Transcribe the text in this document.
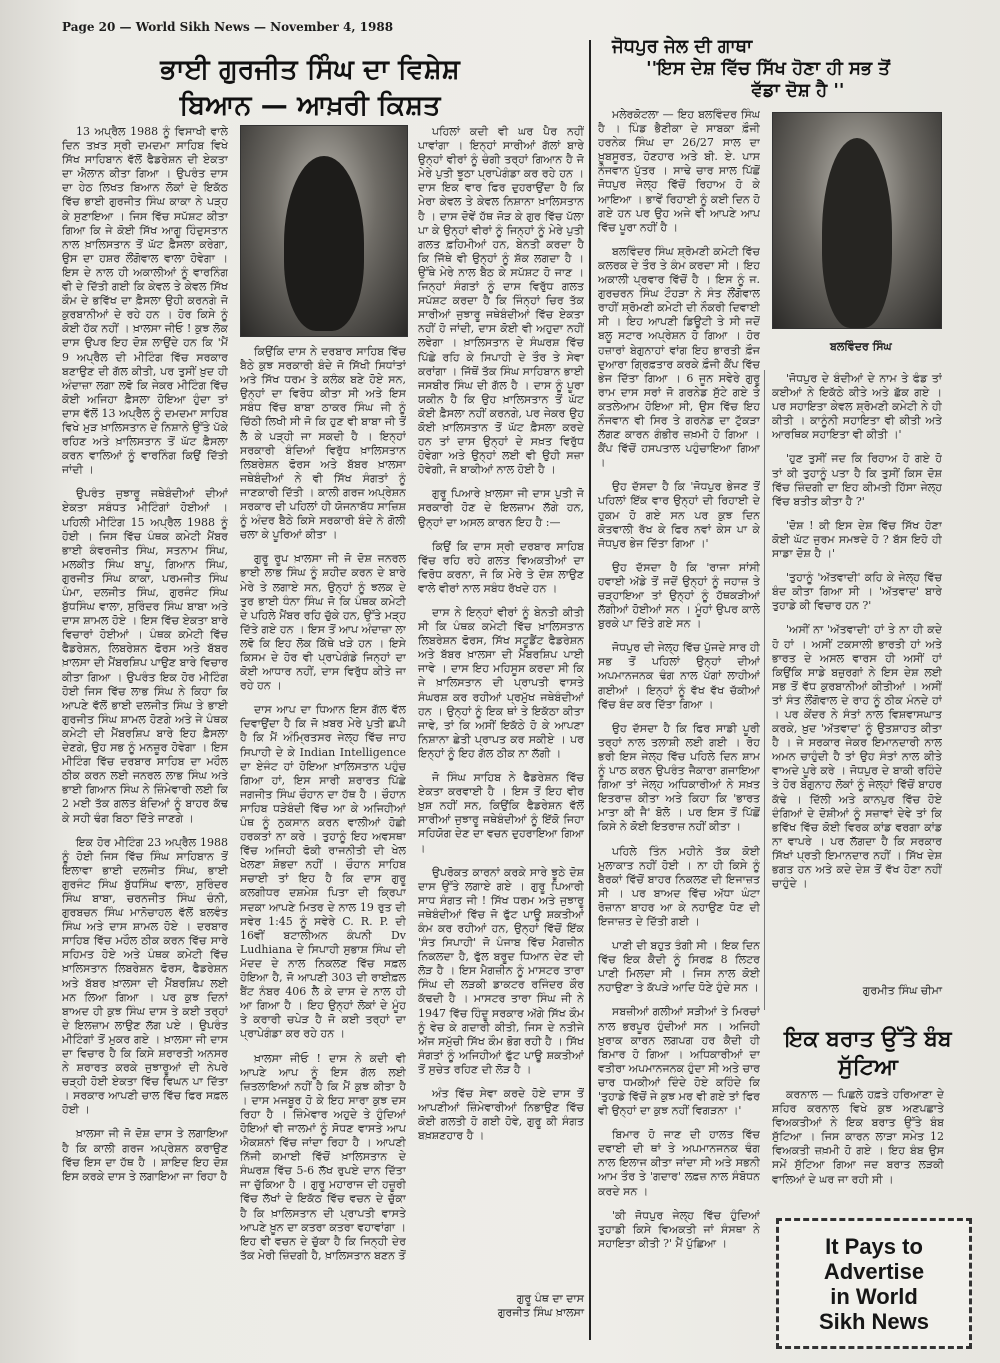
Page 20 — World Sikh News — November 4, 1988
ਭਾਈ ਗੁਰਜੀਤ ਸਿੰਘ ਦਾ ਵਿਸ਼ੇਸ਼
ਬਿਆਨ — ਆਖ਼ਰੀ ਕਿਸ਼ਤ
ਜੋਧਪੁਰ ਜੇਲ ਦੀ ਗਾਥਾ
''ਇਸ ਦੇਸ਼ ਵਿੱਚ ਸਿੱਖ ਹੋਣਾ ਹੀ ਸਭ ਤੋਂ
ਵੱਡਾ ਦੋਸ਼ ਹੈ ''

13 ਅਪ੍ਰੈਲ 1988 ਨੂੰ ਵਿਸਾਖੀ ਵਾਲੇ ਦਿਨ ਤਖ਼ਤ ਸ੍ਰੀ ਦਮਦਮਾ ਸਾਹਿਬ ਵਿਖੇ ਸਿੱਖ ਸਾਹਿਬਾਨ ਵੱਲੋਂ ਫੈਡਰੇਸ਼ਨ ਦੀ ਏਕਤਾ ਦਾ ਐਲਾਨ ਕੀਤਾ ਗਿਆ । ਉਪਰੰਤ ਦਾਸ ਦਾ ਹੇਠ ਲਿਖਤ ਬਿਆਨ ਲੋਕਾਂ ਦੇ ਇਕੱਠ ਵਿੱਚ ਭਾਈ ਗੁਰਜੀਤ ਸਿੰਘ ਕਾਕਾ ਨੇ ਪੜ੍ਹ ਕੇ ਸੁਣਾਇਆ । ਜਿਸ ਵਿੱਚ ਸਪੱਸ਼ਟ ਕੀਤਾ ਗਿਆ ਕਿ ਜੇ ਕੋਈ ਸਿੱਖ ਆਗੂ ਹਿੰਦੁਸਤਾਨ ਨਾਲ ਖ਼ਾਲਿਸਤਾਨ ਤੋਂ ਘੱਟ ਫ਼ੈਸਲਾ ਕਰੇਗਾ, ਉਸ ਦਾ ਹਸ਼ਰ ਲੌਂਗੋਵਾਲ ਵਾਲਾ ਹੋਵੇਗਾ । ਇਸ ਦੇ ਨਾਲ ਹੀ ਅਕਾਲੀਆਂ ਨੂੰ ਵਾਰਨਿੰਗ ਵੀ ਦੇ ਦਿੱਤੀ ਗਈ ਕਿ ਕੇਵਲ ਤੇ ਕੇਵਲ ਸਿੱਖ ਕੌਮ ਦੇ ਭਵਿੱਖ ਦਾ ਫ਼ੈਸਲਾ ਉਹੀ ਕਰਨਗੇ ਜੋ ਕੁਰਬਾਨੀਆਂ ਦੇ ਰਹੇ ਹਨ । ਹੋਰ ਕਿਸੇ ਨੂੰ ਕੋਈ ਹੱਕ ਨਹੀਂ । ਖ਼ਾਲਸਾ ਜੀਓ ! ਕੁਝ ਲੋਕ ਦਾਸ ਉਪਰ ਇਹ ਦੋਸ਼ ਲਾਉਂਦੇ ਹਨ ਕਿ 'ਮੈਂ 9 ਅਪ੍ਰੈਲ ਦੀ ਮੀਟਿੰਗ ਵਿੱਚ ਸਰਕਾਰ ਬਣਾਉਣ ਦੀ ਗੱਲ ਕੀਤੀ, ਪਰ ਤੁਸੀਂ ਖ਼ੁਦ ਹੀ ਅੰਦਾਜ਼ਾ ਲਗਾ ਲਵੋ ਕਿ ਜੇਕਰ ਮੀਟਿੰਗ ਵਿੱਚ ਕੋਈ ਅਜਿਹਾ ਫ਼ੈਸਲਾ ਹੋਇਆ ਹੁੰਦਾ ਤਾਂ ਦਾਸ ਵੱਲੋਂ 13 ਅਪ੍ਰੈਲ ਨੂੰ ਦਮਦਮਾ ਸਾਹਿਬ ਵਿਖੇ ਮੁੜ ਖ਼ਾਲਿਸਤਾਨ ਦੇ ਨਿਸ਼ਾਨੇ ਉੱਤੇ ਪੱਕੇ ਰਹਿਣ ਅਤੇ ਖ਼ਾਲਿਸਤਾਨ ਤੋਂ ਘੱਟ ਫ਼ੈਸਲਾ ਕਰਨ ਵਾਲਿਆਂ ਨੂੰ ਵਾਰਨਿੰਗ ਕਿਉਂ ਦਿੱਤੀ ਜਾਂਦੀ ।

ਉਪਰੰਤ ਜੁਝਾਰੂ ਜਥੇਬੰਦੀਆਂ ਦੀਆਂ ਏਕਤਾ ਸਬੰਧਤ ਮੀਟਿੰਗਾਂ ਹੋਈਆਂ । ਪਹਿਲੀ ਮੀਟਿੰਗ 15 ਅਪ੍ਰੈਲ 1988 ਨੂੰ ਹੋਈ । ਜਿਸ ਵਿੱਚ ਪੰਥਕ ਕਮੇਟੀ ਮੈਂਬਰ ਭਾਈ ਕੰਵਰਜੀਤ ਸਿੰਘ, ਸਤਨਾਮ ਸਿੰਘ, ਮਲਕੀਤ ਸਿੰਘ ਬਾਪੂ, ਗਿਆਨ ਸਿੰਘ, ਗੁਰਜੀਤ ਸਿੰਘ ਕਾਕਾ, ਪਰਮਜੀਤ ਸਿੰਘ ਪੰਮਾ, ਦਲਜੀਤ ਸਿੰਘ, ਗੁਰਜੰਟ ਸਿੰਘ ਬੁੱਧਸਿੰਘ ਵਾਲਾ, ਸੁਰਿੰਦਰ ਸਿੰਘ ਬਾਬਾ ਅਤੇ ਦਾਸ ਸ਼ਾਮਲ ਹੋਏ । ਇਸ ਵਿੱਚ ਏਕਤਾ ਬਾਰੇ ਵਿਚਾਰਾਂ ਹੋਈਆਂ । ਪੰਥਕ ਕਮੇਟੀ ਵਿੱਚ ਫੈਡਰੇਸ਼ਨ, ਲਿਬਰੇਸ਼ਨ ਫੋਰਸ ਅਤੇ ਬੱਬਰ ਖ਼ਾਲਸਾ ਦੀ ਮੈਂਬਰਸ਼ਿਪ ਪਾਉਣ ਬਾਰੇ ਵਿਚਾਰ ਕੀਤਾ ਗਿਆ । ਉਪਰੰਤ ਇਕ ਹੋਰ ਮੀਟਿੰਗ ਹੋਈ ਜਿਸ ਵਿੱਚ ਲਾਭ ਸਿੰਘ ਨੇ ਕਿਹਾ ਕਿ ਆਪਣੇ ਵੱਲੋਂ ਭਾਈ ਦਲਜੀਤ ਸਿੰਘ ਤੇ ਭਾਈ ਗੁਰਜੀਤ ਸਿੰਘ ਸ਼ਾਮਲ ਹੋਣਗੇ ਅਤੇ ਜੇ ਪੰਥਕ ਕਮੇਟੀ ਦੀ ਮੈਂਬਰਸ਼ਿਪ ਬਾਰੇ ਇਹ ਫ਼ੈਸਲਾ ਦੇਣਗੇ, ਉਹ ਸਭ ਨੂੰ ਮਨਜ਼ੂਰ ਹੋਵੇਗਾ । ਇਸ ਮੀਟਿੰਗ ਵਿੱਚ ਦਰਬਾਰ ਸਾਹਿਬ ਦਾ ਮਹੌਲ ਠੀਕ ਕਰਨ ਲਈ ਜਨਰਲ ਲਾਭ ਸਿੰਘ ਅਤੇ ਭਾਈ ਗਿਆਨ ਸਿੰਘ ਨੇ ਜ਼ਿੰਮੇਵਾਰੀ ਲਈ ਕਿ 2 ਮਈ ਤੱਕ ਗਲਤ ਬੰਦਿਆਂ ਨੂੰ ਬਾਹਰ ਕੱਢ ਕੇ ਸਹੀ ਢੰਗ ਬਿਠਾ ਦਿੱਤੇ ਜਾਣਗੇ ।

ਇਕ ਹੋਰ ਮੀਟਿੰਗ 23 ਅਪ੍ਰੈਲ 1988 ਨੂੰ ਹੋਈ ਜਿਸ ਵਿੱਚ ਸਿੰਘ ਸਾਹਿਬਾਨ ਤੋਂ ਇਲਾਵਾ ਭਾਈ ਦਲਜੀਤ ਸਿੰਘ, ਭਾਈ ਗੁਰਜੰਟ ਸਿੰਘ ਬੁੱਧਸਿੰਘ ਵਾਲਾ, ਸੁਰਿੰਦਰ ਸਿੰਘ ਬਾਬਾ, ਚਰਨਜੀਤ ਸਿੰਘ ਚੰਨੀ, ਗੁਰਬਚਨ ਸਿੰਘ ਮਾਨੋਚਾਹਲ ਵੱਲੋਂ ਬਲਵੰਤ ਸਿੰਘ ਅਤੇ ਦਾਸ ਸ਼ਾਮਲ ਹੋਏ । ਦਰਬਾਰ ਸਾਹਿਬ ਵਿੱਚ ਮਹੌਲ ਠੀਕ ਕਰਨ ਵਿੱਚ ਸਾਰੇ ਸਹਿਮਤ ਹੋਏ ਅਤੇ ਪੰਥਕ ਕਮੇਟੀ ਵਿੱਚ ਖ਼ਾਲਿਸਤਾਨ ਲਿਬਰੇਸ਼ਨ ਫੋਰਸ, ਫੈਡਰੇਸ਼ਨ ਅਤੇ ਬੱਬਰ ਖ਼ਾਲਸਾ ਦੀ ਮੈਂਬਰਸ਼ਿਪ ਲਈ ਮਨ ਲਿਆ ਗਿਆ । ਪਰ ਕੁਝ ਦਿਨਾਂ ਬਾਅਦ ਹੀ ਕੁਝ ਸਿੰਘ ਦਾਸ ਤੇ ਕਈ ਤਰ੍ਹਾਂ ਦੇ ਇਲਜ਼ਾਮ ਲਾਉਣ ਲੱਗ ਪਏ । ਉਪਰੰਤ ਮੀਟਿੰਗਾਂ ਤੋਂ ਮੁਕਰ ਗਏ । ਖ਼ਾਲਸਾ ਜੀ ਦਾਸ ਦਾ ਵਿਚਾਰ ਹੈ ਕਿ ਕਿਸੇ ਸ਼ਰਾਰਤੀ ਅਨਸਰ ਨੇ ਸ਼ਰਾਰਤ ਕਰਕੇ ਜੁਝਾਰੂਆਂ ਦੀ ਨੇਪਰੇ ਚੜ੍ਹੀ ਹੋਈ ਏਕਤਾ ਵਿੱਚ ਵਿਘਨ ਪਾ ਦਿੱਤਾ । ਸਰਕਾਰ ਆਪਣੀ ਚਾਲ ਵਿੱਚ ਫਿਰ ਸਫ਼ਲ ਹੋਈ ।

ਖ਼ਾਲਸਾ ਜੀ ਜੋ ਦੋਸ਼ ਦਾਸ ਤੇ ਲਗਾਇਆ ਹੈ ਕਿ ਕਾਲੀ ਗਰਜ ਅਪ੍ਰੇਸ਼ਨ ਕਰਾਉਣ ਵਿੱਚ ਇਸ ਦਾ ਹੱਥ ਹੈ । ਸ਼ਾਇਦ ਇਹ ਦੋਸ਼ ਇਸ ਕਰਕੇ ਦਾਸ ਤੇ ਲਗਾਇਆ ਜਾ ਰਿਹਾ ਹੈ

ਕਿਉਂਕਿ ਦਾਸ ਨੇ ਦਰਬਾਰ ਸਾਹਿਬ ਵਿੱਚ ਬੈਠੇ ਕੁਝ ਸਰਕਾਰੀ ਬੰਦੇ ਜੋ ਸਿੱਖੀ ਸਿਧਾਂਤਾਂ ਅਤੇ ਸਿੱਖ ਧਰਮ ਤੇ ਕਲੰਕ ਬਣੇ ਹੋਏ ਸਨ, ਉਨ੍ਹਾਂ ਦਾ ਵਿਰੋਧ ਕੀਤਾ ਸੀ ਅਤੇ ਇਸ ਸਬੰਧ ਵਿੱਚ ਬਾਬਾ ਠਾਕਰ ਸਿੰਘ ਜੀ ਨੂੰ ਚਿੱਠੀ ਲਿਖੀ ਸੀ ਜੋ ਕਿ ਹੁਣ ਵੀ ਬਾਬਾ ਜੀ ਤੋਂ ਲੈ ਕੇ ਪੜ੍ਹੀ ਜਾ ਸਕਦੀ ਹੈ । ਇਨ੍ਹਾਂ ਸਰਕਾਰੀ ਬੰਦਿਆਂ ਵਿਰੁੱਧ ਖ਼ਾਲਿਸਤਾਨ ਲਿਬਰੇਸ਼ਨ ਫੋਰਸ ਅਤੇ ਬੱਬਰ ਖ਼ਾਲਸਾ ਜਥੇਬੰਦੀਆਂ ਨੇ ਵੀ ਸਿੱਖ ਸੰਗਤਾਂ ਨੂੰ ਜਾਣਕਾਰੀ ਦਿੱਤੀ । ਕਾਲੀ ਗਰਜ ਅਪ੍ਰੇਸ਼ਨ ਸਰਕਾਰ ਦੀ ਪਹਿਲਾਂ ਹੀ ਯੋਜਨਾਬੱਧ ਸਾਜ਼ਿਸ਼ ਨੂੰ ਅੰਦਰ ਬੈਠੇ ਕਿਸੇ ਸਰਕਾਰੀ ਬੰਦੇ ਨੇ ਗੋਲੀ ਚਲਾ ਕੇ ਪੂਰਿਆਂ ਕੀਤਾ ।

ਗੁਰੂ ਰੂਪ ਖ਼ਾਲਸਾ ਜੀ ਜੋ ਦੋਸ਼ ਜਨਰਲ ਭਾਈ ਲਾਭ ਸਿੰਘ ਨੂੰ ਸ਼ਹੀਦ ਕਰਨ ਦੇ ਬਾਰੇ ਮੇਰੇ ਤੇ ਲਗਾਏ ਸਨ, ਉਨ੍ਹਾਂ ਨੂੰ ਝਲਕ ਦੇ ਤੁਰ ਭਾਈ ਧੰਨਾ ਸਿੰਘ ਜੋ ਕਿ ਪੰਥਕ ਕਮੇਟੀ ਦੇ ਪਹਿਲੇ ਮੈਂਬਰ ਰਹਿ ਚੁੱਕੇ ਹਨ, ਉੱਤੇ ਮੜ੍ਹ ਦਿੱਤੇ ਗਏ ਹਨ । ਇਸ ਤੋਂ ਆਪ ਅੰਦਾਜ਼ਾ ਲਾ ਲਵੋ ਕਿ ਇਹ ਲੋਕ ਕਿੱਥੇ ਖੜੇ ਹਨ । ਇਸੇ ਕਿਸਮ ਦੇ ਹੋਰ ਵੀ ਪ੍ਰਾਪੇਗੰਡੇ ਜਿਨ੍ਹਾਂ ਦਾ ਕੋਈ ਆਧਾਰ ਨਹੀਂ, ਦਾਸ ਵਿਰੁੱਧ ਕੀਤੇ ਜਾ ਰਹੇ ਹਨ ।

ਦਾਸ ਆਪ ਦਾ ਧਿਆਨ ਇਸ ਗੱਲ ਵੱਲ ਦਿਵਾਉਂਦਾ ਹੈ ਕਿ ਜੋ ਖ਼ਬਰ ਮੇਰੇ ਪੁਤੀ ਛਪੀ ਹੈ ਕਿ ਮੈਂ ਅੰਮ੍ਰਿਤਸਰ ਜੇਲ੍ਹ ਵਿੱਚ ਜਾਹ ਸਿਪਾਹੀ ਦੇ ਕੇ Indian Intelligence ਦਾ ਏਜੰਟ ਹਾਂ ਹੋਇਆ ਖ਼ਾਲਿਸਤਾਨ ਪਹੁੰਚ ਗਿਆ ਹਾਂ, ਇਸ ਸਾਰੀ ਸ਼ਰਾਰਤ ਪਿੱਛੇ ਜਗਜੀਤ ਸਿੰਘ ਚੌਹਾਨ ਦਾ ਹੱਥ ਹੈ । ਚੌਹਾਨ ਸਾਹਿਬ ਧੜੇਬੰਦੀ ਵਿੱਚ ਆ ਕੇ ਅਜਿਹੀਆਂ ਪੰਥ ਨੂੰ ਨੁਕਸਾਨ ਕਰਨ ਵਾਲੀਆਂ ਹੋਛੀ ਹਰਕਤਾਂ ਨਾ ਕਰੇ । ਤੁਹਾਨੂੰ ਇਹ ਅਵਸਥਾ ਵਿੱਚ ਅਜਿਹੀ ਫੋਕੀ ਰਾਜਨੀਤੀ ਦੀ ਖੇਲ ਖੇਲਣਾ ਸ਼ੋਭਦਾ ਨਹੀਂ । ਚੌਹਾਨ ਸਾਹਿਬ ਸਚਾਈ ਤਾਂ ਇਹ ਹੈ ਕਿ ਦਾਸ ਗੁਰੂ ਕਲਗੀਧਰ ਦਸ਼ਮੇਸ਼ ਪਿਤਾ ਦੀ ਕ੍ਰਿਪਾ ਸਦਕਾ ਆਪਣੇ ਮਿਤਰ ਦੇ ਨਾਲ 19 ਰੁਤ ਦੀ ਸਵੇਰ 1:45 ਨੂੰ ਸਵੇਰੇ C. R. P. ਦੀ 16ਵੀਂ ਬਟਾਲੀਅਨ ਕੰਪਨੀ Dv Ludhiana ਦੇ ਸਿਪਾਹੀ ਸੁਭਾਸ਼ ਸਿੰਘ ਦੀ ਮੱਦਦ ਦੇ ਨਾਲ ਨਿਕਲਣ ਵਿੱਚ ਸਫ਼ਲ ਹੋਇਆ ਹੈ, ਜੋ ਆਪਣੀ 303 ਦੀ ਰਾਈਫ਼ਲ ਬੈਂਟ ਨੰਬਰ 406 ਲੈ ਕੇ ਦਾਸ ਦੇ ਨਾਲ ਹੀ ਆ ਗਿਆ ਹੈ । ਇਹ ਉਨ੍ਹਾਂ ਲੋਕਾਂ ਦੇ ਮੂੰਹ ਤੇ ਕਰਾਰੀ ਚਪੇੜ ਹੈ ਜੋ ਕਈ ਤਰ੍ਹਾਂ ਦਾ ਪ੍ਰਾਪੇਗੰਡਾ ਕਰ ਰਹੇ ਹਨ ।

ਖ਼ਾਲਸਾ ਜੀਓ ! ਦਾਸ ਨੇ ਕਦੀ ਵੀ ਆਪਣੇ ਆਪ ਨੂੰ ਇਸ ਗੱਲ ਲਈ ਜ਼ਿਤਲਾਇਆਂ ਨਹੀਂ ਹੈ ਕਿ ਮੈਂ ਕੁਝ ਕੀਤਾ ਹੈ । ਦਾਸ ਮਜਬੂਰ ਹੋ ਕੇ ਇਹ ਸਾਰਾ ਕੁਝ ਦਸ ਰਿਹਾ ਹੈ । ਜ਼ਿੰਮੇਵਾਰ ਅਹੁਦੇ ਤੇ ਹੁੰਦਿਆਂ ਹੋਇਆਂ ਵੀ ਜਾਲਮਾਂ ਨੂੰ ਸੋਧਣ ਵਾਸਤੇ ਆਪ ਐਕਸ਼ਨਾਂ ਵਿੱਚ ਜਾਂਦਾ ਰਿਹਾ ਹੈ । ਆਪਣੀ ਨਿੱਜੀ ਕਮਾਈ ਵਿੱਚੋਂ ਖ਼ਾਲਿਸਤਾਨ ਦੇ ਸੰਘਰਸ਼ ਵਿੱਚ 5-6 ਲੱਖ ਰੁਪਏ ਦਾਨ ਦਿੱਤਾ ਜਾ ਚੁੱਕਿਆ ਹੈ । ਗੁਰੂ ਮਹਾਰਾਜ ਦੀ ਹਜ਼ੂਰੀ ਵਿੱਚ ਲੱਖਾਂ ਦੇ ਇਕੱਠ ਵਿੱਚ ਵਚਨ ਦੇ ਚੁੱਕਾ ਹੈ ਕਿ ਖ਼ਾਲਿਸਤਾਨ ਦੀ ਪ੍ਰਾਪਤੀ ਵਾਸਤੇ ਆਪਣੇ ਖ਼ੂਨ ਦਾ ਕਤਰਾ ਕਤਰਾ ਵਹਾਵਾਂਗਾ । ਇਹ ਵੀ ਵਚਨ ਦੇ ਚੁੱਕਾ ਹੈ ਕਿ ਜਿਨ੍ਹੀ ਦੇਰ ਤੱਕ ਮੇਰੀ ਜ਼ਿੰਦਗੀ ਹੈ, ਖ਼ਾਲਿਸਤਾਨ ਬਣਨ ਤੋਂ

ਪਹਿਲਾਂ ਕਦੀ ਵੀ ਘਰ ਪੈਰ ਨਹੀਂ ਪਾਵਾਂਗਾ । ਇਨ੍ਹਾਂ ਸਾਰੀਆਂ ਗੱਲਾਂ ਬਾਰੇ ਉਨ੍ਹਾਂ ਵੀਰਾਂ ਨੂੰ ਚੰਗੀ ਤਰ੍ਹਾਂ ਗਿਆਨ ਹੈ ਜੋ ਮੇਰੇ ਪੁਤੀ ਝੂਠਾ ਪ੍ਰਾਪੇਗੰਡਾ ਕਰ ਰਹੇ ਹਨ । ਦਾਸ ਇਕ ਵਾਰ ਫਿਰ ਦੁਹਰਾਉਂਦਾ ਹੈ ਕਿ ਮੇਰਾ ਕੇਵਲ ਤੇ ਕੇਵਲ ਨਿਸ਼ਾਨਾ ਖ਼ਾਲਿਸਤਾਨ ਹੈ । ਦਾਸ ਦੋਵੇਂ ਹੱਥ ਜੋੜ ਕੇ ਗੁਰ ਵਿੱਚ ਪੱਲਾ ਪਾ ਕੇ ਉਨ੍ਹਾਂ ਵੀਰਾਂ ਨੂੰ ਜਿਨ੍ਹਾਂ ਨੂੰ ਮੇਰੇ ਪੁਤੀ ਗਲਤ ਫ਼ਹਿਮੀਆਂ ਹਨ, ਬੇਨਤੀ ਕਰਦਾ ਹੈ ਕਿ ਜਿੱਥੇ ਵੀ ਉਨ੍ਹਾਂ ਨੂੰ ਸ਼ੱਕ ਲਗਦਾ ਹੈ । ਉੱਥੇ ਮੇਰੇ ਨਾਲ ਬੈਠ ਕੇ ਸਪੱਸ਼ਟ ਹੋ ਜਾਣ । ਜਿਨ੍ਹਾਂ ਸੰਗਤਾਂ ਨੂੰ ਦਾਸ ਵਿਰੁੱਧ ਗਲਤ ਸਪੱਸ਼ਟ ਕਰਦਾ ਹੈ ਕਿ ਜਿੰਨ੍ਹਾਂ ਚਿਰ ਤੱਕ ਸਾਰੀਆਂ ਜੁਝਾਰੂ ਜਥੇਬੰਦੀਆਂ ਵਿੱਚ ਏਕਤਾ ਨਹੀਂ ਹੋ ਜਾਂਦੀ, ਦਾਸ ਕੋਈ ਵੀ ਅਹੁਦਾ ਨਹੀਂ ਲਵੇਗਾ । ਖ਼ਾਲਿਸਤਾਨ ਦੇ ਸੰਘਰਸ਼ ਵਿੱਚ ਪਿੱਛੇ ਰਹਿ ਕੇ ਸਿਪਾਹੀ ਦੇ ਤੌਰ ਤੇ ਸੇਵਾ ਕਰਾਂਗਾ । ਜਿੱਥੋਂ ਤੱਕ ਸਿੰਘ ਸਾਹਿਬਾਨ ਭਾਈ ਜਸਬੀਰ ਸਿੰਘ ਦੀ ਗੱਲ ਹੈ । ਦਾਸ ਨੂੰ ਪੂਰਾ ਯਕੀਨ ਹੈ ਕਿ ਉਹ ਖ਼ਾਲਿਸਤਾਨ ਤੋਂ ਘੱਟ ਕੋਈ ਫ਼ੈਸਲਾ ਨਹੀਂ ਕਰਨਗੇ, ਪਰ ਜੇਕਰ ਉਹ ਕੋਈ ਖ਼ਾਲਿਸਤਾਨ ਤੋਂ ਘੱਟ ਫ਼ੈਸਲਾ ਕਰਦੇ ਹਨ ਤਾਂ ਦਾਸ ਉਨ੍ਹਾਂ ਦੇ ਸਖ਼ਤ ਵਿਰੁੱਧ ਹੋਵੇਗਾ ਅਤੇ ਉਨ੍ਹਾਂ ਲਈ ਵੀ ਉਹੀ ਸਜ਼ਾ ਹੋਵੇਗੀ, ਜੋ ਬਾਕੀਆਂ ਨਾਲ ਹੋਈ ਹੈ ।

ਗੁਰੂ ਪਿਆਰੇ ਖ਼ਾਲਸਾ ਜੀ ਦਾਸ ਪੁਤੀ ਜੋ ਸਰਕਾਰੀ ਹੋਣ ਦੇ ਇਲਜ਼ਾਮ ਲੱਗੇ ਹਨ, ਉਨ੍ਹਾਂ ਦਾ ਅਸਲ ਕਾਰਨ ਇਹ ਹੈ :—

ਕਿਉਂ ਕਿ ਦਾਸ ਸ੍ਰੀ ਦਰਬਾਰ ਸਾਹਿਬ ਵਿੱਚ ਰਹਿ ਰਹੇ ਗਲਤ ਵਿਅਕਤੀਆਂ ਦਾ ਵਿਰੋਧ ਕਰਨਾ, ਜੋ ਕਿ ਮੇਰੇ ਤੇ ਦੋਸ਼ ਲਾਉਣ ਵਾਲੇ ਵੀਰਾਂ ਨਾਲ ਸਬੰਧ ਰੱਖਦੇ ਹਨ ।

ਦਾਸ ਨੇ ਇਨ੍ਹਾਂ ਵੀਰਾਂ ਨੂੰ ਬੇਨਤੀ ਕੀਤੀ ਸੀ ਕਿ ਪੰਥਕ ਕਮੇਟੀ ਵਿੱਚ ਖ਼ਾਲਿਸਤਾਨ ਲਿਬਰੇਸ਼ਨ ਫੋਰਸ, ਸਿੱਖ ਸਟੂਡੈਂਟ ਫੈਡਰੇਸ਼ਨ ਅਤੇ ਬੱਬਰ ਖ਼ਾਲਸਾ ਦੀ ਮੈਂਬਰਸ਼ਿਪ ਪਾਈ ਜਾਵੇ । ਦਾਸ ਇਹ ਮਹਿਸੂਸ ਕਰਦਾ ਸੀ ਕਿ ਜੇ ਖ਼ਾਲਿਸਤਾਨ ਦੀ ਪ੍ਰਾਪਤੀ ਵਾਸਤੇ ਸੰਘਰਸ਼ ਕਰ ਰਹੀਆਂ ਪ੍ਰਮੁੱਖ ਜਥੇਬੰਦੀਆਂ ਹਨ । ਉਨ੍ਹਾਂ ਨੂੰ ਇਕ ਥਾਂ ਤੇ ਇਕੱਠਾ ਕੀਤਾ ਜਾਵੇ, ਤਾਂ ਕਿ ਅਸੀਂ ਇਕੱਠੇ ਹੋ ਕੇ ਆਪਣਾ ਨਿਸ਼ਾਨਾ ਛੇਤੀ ਪ੍ਰਾਪਤ ਕਰ ਸਕੀਏ । ਪਰ ਇਨ੍ਹਾਂ ਨੂੰ ਇਹ ਗੱਲ ਠੀਕ ਨਾ ਲੱਗੀ ।

ਜੋ ਸਿੰਘ ਸਾਹਿਬ ਨੇ ਫੈਡਰੇਸ਼ਨ ਵਿੱਚ ਏਕਤਾ ਕਰਵਾਈ ਹੈ । ਇਸ ਤੋਂ ਇਹ ਵੀਰ ਖ਼ੁਸ਼ ਨਹੀਂ ਸਨ, ਕਿਉਂਕਿ ਫੈਡਰੇਸ਼ਨ ਵੱਲੋਂ ਸਾਰੀਆਂ ਜੁਝਾਰੂ ਜਥੇਬੰਦੀਆਂ ਨੂੰ ਇੱਕੋ ਜਿਹਾ ਸਹਿਯੋਗ ਦੇਣ ਦਾ ਵਚਨ ਦੁਹਰਾਇਆ ਗਿਆ ।

ਉਪਰੋਕਤ ਕਾਰਨਾਂ ਕਰਕੇ ਸਾਰੇ ਝੂਠੇ ਦੋਸ਼ ਦਾਸ ਉੱਤੇ ਲਗਾਏ ਗਏ । ਗੁਰੂ ਪਿਆਰੀ ਸਾਧ ਸੰਗਤ ਜੀ ! ਸਿੱਖ ਧਰਮ ਅਤੇ ਜੁਝਾਰੂ ਜਥੇਬੰਦੀਆਂ ਵਿੱਚ ਜੋ ਫੁੱਟ ਪਾਊ ਸ਼ਕਤੀਆਂ ਕੰਮ ਕਰ ਰਹੀਆਂ ਹਨ, ਉਨ੍ਹਾਂ ਵਿੱਚੋਂ ਇੱਕ 'ਸੰਤ ਸਿਪਾਹੀ' ਜੋ ਪੰਜਾਬ ਵਿੱਚ ਮੈਗਜ਼ੀਨ ਨਿਕਲਦਾ ਹੈ, ਫੁੱਲ ਬਰੂਦ ਧਿਆਨ ਦੇਣ ਦੀ ਲੋੜ ਹੈ । ਇਸ ਮੈਗਜ਼ੀਨ ਨੂੰ ਮਾਸਟਰ ਤਾਰਾ ਸਿੰਘ ਦੀ ਲੜਕੀ ਡਾਕਟਰ ਰਜਿੰਦਰ ਕੌਰ ਕੱਢਦੀ ਹੈ । ਮਾਸਟਰ ਤਾਰਾ ਸਿੰਘ ਜੀ ਨੇ 1947 ਵਿੱਚ ਹਿੰਦੂ ਸਰਕਾਰ ਅੱਗੇ ਸਿੱਖ ਕੌਮ ਨੂੰ ਵੇਚ ਕੇ ਗਦਾਰੀ ਕੀਤੀ, ਜਿਸ ਦੇ ਨਤੀਜੇ ਅੱਜ ਸਮੁੱਚੀ ਸਿੱਖ ਕੌਮ ਭੋਗ ਰਹੀ ਹੈ । ਸਿੱਖ ਸੰਗਤਾਂ ਨੂੰ ਅਜਿਹੀਆਂ ਫੁੱਟ ਪਾਊ ਸ਼ਕਤੀਆਂ ਤੋਂ ਸੁਚੇਤ ਰਹਿਣ ਦੀ ਲੋੜ ਹੈ ।

ਅੰਤ ਵਿੱਚ ਸੇਵਾ ਕਰਦੇ ਹੋਏ ਦਾਸ ਤੋਂ ਆਪਣੀਆਂ ਜ਼ਿੰਮੇਵਾਰੀਆਂ ਨਿਭਾਉਣ ਵਿੱਚ ਕੋਈ ਗਲਤੀ ਹੋ ਗਈ ਹੋਵੇ, ਗੁਰੂ ਕੀ ਸੰਗਤ ਬਖ਼ਸ਼ਣਹਾਰ ਹੈ ।

ਗੁਰੂ ਪੰਥ ਦਾ ਦਾਸ
ਗੁਰਜੀਤ ਸਿੰਘ ਖ਼ਾਲਸਾ

ਮਲੇਰਕੋਟਲਾ — ਇਹ ਬਲਵਿੰਦਰ ਸਿੰਘ ਹੈ । ਪਿੰਡ ਭੈਣੀਕਾ ਦੇ ਸਾਬਕਾ ਫ਼ੌਜੀ ਹਰਨੇਕ ਸਿੰਘ ਦਾ 26/27 ਸਾਲ ਦਾ ਖ਼ੂਬਸੂਰਤ, ਹੋਣਹਾਰ ਅਤੇ ਬੀ. ਏ. ਪਾਸ ਨੌਜਵਾਨ ਪੁੱਤਰ । ਸਾਢੇ ਚਾਰ ਸਾਲ ਪਿੱਛੋਂ ਜੋਧਪੁਰ ਜੇਲ੍ਹ ਵਿੱਚੋਂ ਰਿਹਾਅ ਹੋ ਕੇ ਆਇਆ । ਭਾਵੇਂ ਰਿਹਾਈ ਨੂੰ ਕਈ ਦਿਨ ਹੋ ਗਏ ਹਨ ਪਰ ਉਹ ਅਜੇ ਵੀ ਆਪਣੇ ਆਪ ਵਿੱਚ ਪੂਰਾ ਨਹੀਂ ਹੈ ।

ਬਲਵਿੰਦਰ ਸਿੰਘ ਸ਼੍ਰੋਮਣੀ ਕਮੇਟੀ ਵਿੱਚ ਕਲਰਕ ਦੇ ਤੌਰ ਤੇ ਕੰਮ ਕਰਦਾ ਸੀ । ਇਹ ਅਕਾਲੀ ਪ੍ਰਵਾਰ ਵਿੱਚੋਂ ਹੈ । ਇਸ ਨੂੰ ਜ. ਗੁਰਚਰਨ ਸਿੰਘ ਟੌਹੜਾ ਨੇ ਸੰਤ ਲੌਂਗੋਵਾਲ ਰਾਹੀਂ ਸ਼੍ਰੋਮਣੀ ਕਮੇਟੀ ਦੀ ਨੌਕਰੀ ਦਿਵਾਈ ਸੀ । ਇਹ ਆਪਣੀ ਡਿਊਟੀ ਤੇ ਸੀ ਜਦੋਂ ਬਲੂ ਸਟਾਰ ਅਪ੍ਰੇਸ਼ਨ ਹੋ ਗਿਆ । ਹੋਰ ਹਜ਼ਾਰਾਂ ਬੇਗੁਨਾਹਾਂ ਵਾਂਗ ਇਹ ਭਾਰਤੀ ਫ਼ੌਜ ਦੁਆਰਾ ਗ੍ਰਿਫ਼ਤਾਰ ਕਰਕੇ ਫ਼ੌਜੀ ਕੈਂਪ ਵਿੱਚ ਭੇਜ ਦਿੱਤਾ ਗਿਆ । 6 ਜੂਨ ਸਵੇਰੇ ਗੁਰੂ ਰਾਮ ਦਾਸ ਸਰਾਂ ਜੋ ਗਰਨੇਡ ਸੁੱਟੇ ਗਏ ਤੇ ਕਤਲੇਆਮ ਹੋਇਆ ਸੀ, ਉਸ ਵਿੱਚ ਇਹ ਨੌਜਵਾਨ ਵੀ ਸਿਰ ਤੇ ਗਰਨੇਡ ਦਾ ਟੁੱਕੜਾ ਲੱਗਣ ਕਾਰਨ ਗੰਭੀਰ ਜ਼ਖ਼ਮੀ ਹੋ ਗਿਆ । ਕੈਂਪ ਵਿੱਚੋਂ ਹਸਪਤਾਲ ਪਹੁੰਚਾਇਆ ਗਿਆ ।

ਉਹ ਦੱਸਦਾ ਹੈ ਕਿ 'ਜੋਧਪੁਰ ਭੇਜਣ ਤੋਂ ਪਹਿਲਾਂ ਇੱਕ ਵਾਰ ਉਨ੍ਹਾਂ ਦੀ ਰਿਹਾਈ ਦੇ ਹੁਕਮ ਹੋ ਗਏ ਸਨ ਪਰ ਕੁਝ ਦਿਨ ਕੋਤਵਾਲੀ ਰੱਖ ਕੇ ਫਿਰ ਨਵਾਂ ਕੇਸ ਪਾ ਕੇ ਜੋਧਪੁਰ ਭੇਜ ਦਿੱਤਾ ਗਿਆ ।'

ਉਹ ਦੱਸਦਾ ਹੈ ਕਿ 'ਰਾਜਾ ਸਾਂਸੀ ਹਵਾਈ ਅੱਡੇ ਤੋਂ ਜਦੋਂ ਉਨ੍ਹਾਂ ਨੂੰ ਜਹਾਜ਼ ਤੇ ਚੜ੍ਹਾਇਆ ਤਾਂ ਉਨ੍ਹਾਂ ਨੂੰ ਹੱਥਕੜੀਆਂ ਲੱਗੀਆਂ ਹੋਈਆਂ ਸਨ । ਮੂੰਹਾਂ ਉਪਰ ਕਾਲੇ ਬੁਰਕੇ ਪਾ ਦਿੱਤੇ ਗਏ ਸਨ ।

ਜੋਧਪੁਰ ਦੀ ਜੇਲ੍ਹ ਵਿੱਚ ਪੁੱਜਦੇ ਸਾਰ ਹੀ ਸਭ ਤੋਂ ਪਹਿਲਾਂ ਉਨ੍ਹਾਂ ਦੀਆਂ ਅਪਮਾਨਜਨਕ ਢੰਗ ਨਾਲ ਪੱਗਾਂ ਲਾਹੀਆਂ ਗਈਆਂ । ਇਨ੍ਹਾਂ ਨੂੰ ਵੱਖ ਵੱਖ ਚੱਕੀਆਂ ਵਿੱਚ ਬੰਦ ਕਰ ਦਿੱਤਾ ਗਿਆ ।

ਉਹ ਦੱਸਦਾ ਹੈ ਕਿ ਫਿਰ ਸਾਡੀ ਪੂਰੀ ਤਰ੍ਹਾਂ ਨਾਲ ਤਲਾਸ਼ੀ ਲਈ ਗਈ । ਰੋਹ ਭਰੀ ਇਸ ਜੇਲ੍ਹ ਵਿੱਚ ਪਹਿਲੇ ਦਿਨ ਸ਼ਾਮ ਨੂੰ ਪਾਠ ਕਰਨ ਉਪਰੰਤ ਜੈਕਾਰਾ ਗਜਾਇਆ ਗਿਆ ਤਾਂ ਜੇਲ੍ਹ ਅਧਿਕਾਰੀਆਂ ਨੇ ਸਖ਼ਤ ਇਤਰਾਜ਼ ਕੀਤਾ ਅਤੇ ਕਿਹਾ ਕਿ 'ਭਾਰਤ ਮਾਤਾ ਕੀ ਜੈ' ਬੋਲੋ । ਪਰ ਇਸ ਤੋਂ ਪਿੱਛੋਂ ਕਿਸੇ ਨੇ ਕੋਈ ਇਤਰਾਜ਼ ਨਹੀਂ ਕੀਤਾ ।

ਪਹਿਲੇ ਤਿੰਨ ਮਹੀਨੇ ਤੱਕ ਕੋਈ ਮੁਲਾਕਾਤ ਨਹੀਂ ਹੋਈ । ਨਾ ਹੀ ਕਿਸੇ ਨੂੰ ਬੈਰਕਾਂ ਵਿੱਚੋਂ ਬਾਹਰ ਨਿਕਲਣ ਦੀ ਇਜਾਜ਼ਤ ਸੀ । ਪਰ ਬਾਅਦ ਵਿੱਚ ਅੱਧਾ ਘੰਟਾ ਰੋਜ਼ਾਨਾ ਬਾਹਰ ਆ ਕੇ ਨਹਾਉਣ ਧੋਣ ਦੀ ਇਜਾਜ਼ਤ ਦੇ ਦਿੱਤੀ ਗਈ ।

ਪਾਣੀ ਦੀ ਬਹੁਤ ਤੰਗੀ ਸੀ । ਇਕ ਦਿਨ ਵਿੱਚ ਇਕ ਕੈਦੀ ਨੂੰ ਸਿਰਫ਼ 8 ਲਿਟਰ ਪਾਣੀ ਮਿਲਦਾ ਸੀ । ਜਿਸ ਨਾਲ ਕੋਈ ਨਹਾਉਣਾ ਤੇ ਕੱਪੜੇ ਆਦਿ ਧੋਣੇ ਹੁੰਦੇ ਸਨ ।

ਸਬਜ਼ੀਆਂ ਗਲੀਆਂ ਸੜੀਆਂ ਤੇ ਮਿਰਚਾਂ ਨਾਲ ਭਰਪੂਰ ਹੁੰਦੀਆਂ ਸਨ । ਅਜਿਹੀ ਖ਼ੁਰਾਕ ਕਾਰਨ ਲਗਪਗ ਹਰ ਕੈਦੀ ਹੀ ਬਿਮਾਰ ਹੋ ਗਿਆ । ਅਧਿਕਾਰੀਆਂ ਦਾ ਵਤੀਰਾ ਅਪਮਾਨਜਨਕ ਹੁੰਦਾ ਸੀ ਅਤੇ ਚਾਰ ਚਾਰ ਧਮਕੀਆਂ ਦਿੰਦੇ ਹੋਏ ਕਹਿੰਦੇ ਕਿ 'ਤੁਹਾਡੇ ਵਿੱਚੋਂ ਜੇ ਕੁਝ ਮਰ ਵੀ ਗਏ ਤਾਂ ਫਿਰ ਵੀ ਉਨ੍ਹਾਂ ਦਾ ਕੁਝ ਨਹੀਂ ਵਿਗੜਨਾ ।'

ਬਿਮਾਰ ਹੋ ਜਾਣ ਦੀ ਹਾਲਤ ਵਿੱਚ ਦਵਾਈ ਦੀ ਥਾਂ ਤੇ ਅਪਮਾਨਜਨਕ ਢੰਗ ਨਾਲ ਇਲਾਜ ਕੀਤਾ ਜਾਂਦਾ ਸੀ ਅਤੇ ਸਭਨੀ ਆਮ ਤੌਰ ਤੇ 'ਗਦਾਰ' ਲਫ਼ਜ਼ ਨਾਲ ਸੰਬੋਧਨ ਕਰਦੇ ਸਨ ।

'ਕੀ ਜੋਧਪੁਰ ਜੇਲ੍ਹ ਵਿੱਚ ਹੁੰਦਿਆਂ ਤੁਹਾਡੀ ਕਿਸੇ ਵਿਅਕਤੀ ਜਾਂ ਸੰਸਥਾ ਨੇ ਸਹਾਇਤਾ ਕੀਤੀ ?' ਮੈਂ ਪੁੱਛਿਆ ।

ਬਲਵਿੰਦਰ ਸਿੰਘ

'ਜੋਧਪੁਰ ਦੇ ਬੰਦੀਆਂ ਦੇ ਨਾਮ ਤੇ ਫੰਡ ਤਾਂ ਕਈਆਂ ਨੇ ਇਕੱਠੇ ਕੀਤੇ ਅਤੇ ਛੱਕ ਗਏ । ਪਰ ਸਹਾਇਤਾ ਕੇਵਲ ਸ਼੍ਰੋਮਣੀ ਕਮੇਟੀ ਨੇ ਹੀ ਕੀਤੀ । ਕਾਨੂੰਨੀ ਸਹਾਇਤਾ ਵੀ ਕੀਤੀ ਅਤੇ ਆਰਥਿਕ ਸਹਾਇਤਾ ਵੀ ਕੀਤੀ ।'

'ਹੁਣ ਤੁਸੀਂ ਜਦ ਕਿ ਰਿਹਾਅ ਹੋ ਗਏ ਹੋ ਤਾਂ ਕੀ ਤੁਹਾਨੂੰ ਪਤਾ ਹੈ ਕਿ ਤੁਸੀਂ ਕਿਸ ਦੋਸ਼ ਵਿੱਚ ਜ਼ਿੰਦਗੀ ਦਾ ਇਹ ਕੀਮਤੀ ਹਿੱਸਾ ਜੇਲ੍ਹ ਵਿੱਚ ਬਤੀਤ ਕੀਤਾ ਹੈ ?'

'ਦੋਸ਼ ! ਕੀ ਇਸ ਦੇਸ਼ ਵਿੱਚ ਸਿੱਖ ਹੋਣਾ ਕੋਈ ਘੱਟ ਜੁਰਮ ਸਮਝਦੇ ਹੋ ? ਬੱਸ ਇਹੋ ਹੀ ਸਾਡਾ ਦੋਸ਼ ਹੈ ।'

'ਤੁਹਾਨੂੰ 'ਅੱਤਵਾਦੀ' ਕਹਿ ਕੇ ਜੇਲ੍ਹ ਵਿੱਚ ਬੰਦ ਕੀਤਾ ਗਿਆ ਸੀ । 'ਅੱਤਵਾਦ' ਬਾਰੇ ਤੁਹਾਡੇ ਕੀ ਵਿਚਾਰ ਹਨ ?'

'ਅਸੀਂ ਨਾ 'ਅੱਤਵਾਦੀ' ਹਾਂ ਤੇ ਨਾ ਹੀ ਕਦੇ ਹੋ ਹਾਂ । ਅਸੀਂ ਟਕਸਾਲੀ ਭਾਰਤੀ ਹਾਂ ਅਤੇ ਭਾਰਤ ਦੇ ਅਸਲ ਵਾਰਸ ਹੀ ਅਸੀਂ ਹਾਂ ਕਿਉਂਕਿ ਸਾਡੇ ਬਜ਼ੁਰਗਾਂ ਨੇ ਇਸ ਦੇਸ਼ ਲਈ ਸਭ ਤੋਂ ਵੱਧ ਕੁਰਬਾਨੀਆਂ ਕੀਤੀਆਂ । ਅਸੀਂ ਤਾਂ ਸੰਤ ਲੌਂਗੋਵਾਲ ਦੇ ਰਾਹ ਨੂੰ ਠੀਕ ਮੰਨਦੇ ਹਾਂ । ਪਰ ਕੇਂਦਰ ਨੇ ਸੰਤਾਂ ਨਾਲ ਵਿਸ਼ਵਾਸਘਾਤ ਕਰਕੇ, ਖ਼ੁਦ 'ਅੱਤਵਾਦ' ਨੂੰ ਉਤਸ਼ਾਹਤ ਕੀਤਾ ਹੈ । ਜੇ ਸਰਕਾਰ ਜੇਕਰ ਇਮਾਨਦਾਰੀ ਨਾਲ ਅਮਨ ਚਾਹੁੰਦੀ ਹੈ ਤਾਂ ਉਹ ਸੰਤਾਂ ਨਾਲ ਕੀਤੇ ਵਾਅਦੇ ਪੂਰੇ ਕਰੇ । ਜੋਧਪੁਰ ਦੇ ਬਾਕੀ ਰਹਿੰਦੇ ਤੇ ਹੋਰ ਬੇਗੁਨਾਹ ਲੋਕਾਂ ਨੂੰ ਜੇਲ੍ਹਾਂ ਵਿੱਚੋਂ ਬਾਹਰ ਕੱਢੇ । ਦਿੱਲੀ ਅਤੇ ਕਾਨਪੁਰ ਵਿੱਚ ਹੋਏ ਦੰਗਿਆਂ ਦੇ ਦੋਸ਼ੀਆਂ ਨੂੰ ਸਜ਼ਾਵਾਂ ਦੇਵੇ ਤਾਂ ਕਿ ਭਵਿੱਖ ਵਿੱਚ ਕੋਈ ਵਿਰਕ ਕਾਂਡ ਵਰਗਾ ਕਾਂਡ ਨਾ ਵਾਪਰੇ । ਪਰ ਲੱਗਦਾ ਹੈ ਕਿ ਸਰਕਾਰ ਸਿੱਖਾਂ ਪ੍ਰਤੀ ਇਮਾਨਦਾਰ ਨਹੀਂ । ਸਿੱਖ ਦੇਸ਼ ਭਗਤ ਹਨ ਅਤੇ ਕਦੇ ਦੇਸ਼ ਤੋਂ ਵੱਖ ਹੋਣਾ ਨਹੀਂ ਚਾਹੁੰਦੇ ।

ਗੁਰਮੀਤ ਸਿੰਘ ਚੀਮਾ
ਇਕ ਬਰਾਤ ਉੱਤੇ ਬੰਬ
ਸੁੱਟਿਆ

ਕਰਨਾਲ — ਪਿਛਲੇ ਹਫ਼ਤੇ ਹਰਿਆਣਾ ਦੇ ਸ਼ਹਿਰ ਕਰਨਾਲ ਵਿਖੇ ਕੁਝ ਅਣਪਛਾਤੇ ਵਿਅਕਤੀਆਂ ਨੇ ਇਕ ਬਰਾਤ ਉੱਤੇ ਬੰਬ ਸੁੱਟਿਆ । ਜਿਸ ਕਾਰਨ ਲਾੜਾ ਸਮੇਤ 12 ਵਿਅਕਤੀ ਜ਼ਖ਼ਮੀ ਹੋ ਗਏ । ਇਹ ਬੰਬ ਉਸ ਸਮੇਂ ਸੁੱਟਿਆ ਗਿਆ ਜਦ ਬਰਾਤ ਲੜਕੀ ਵਾਲਿਆਂ ਦੇ ਘਰ ਜਾ ਰਹੀ ਸੀ ।

It Pays to
Advertise
in World
Sikh News
